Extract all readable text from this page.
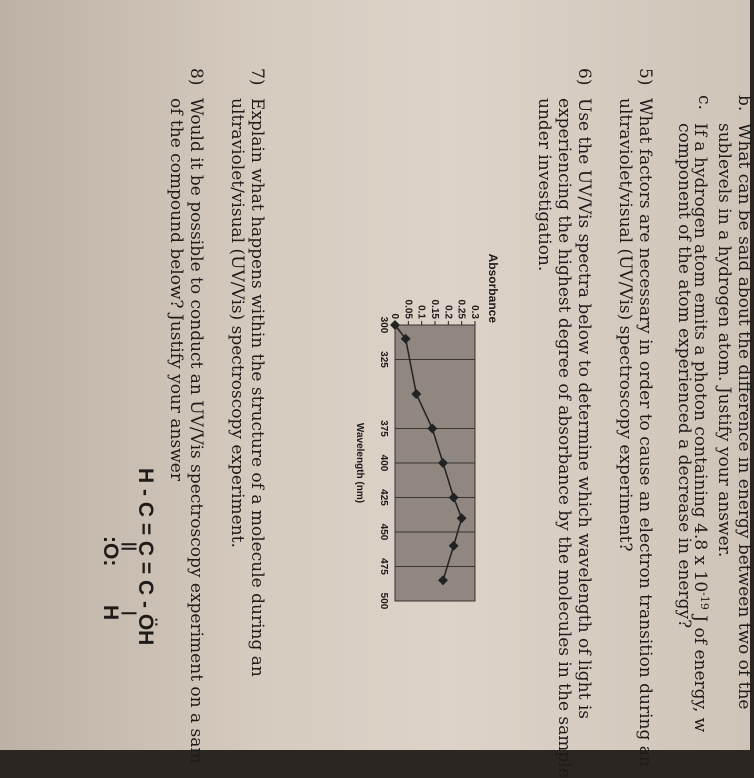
b.
What can be said about the difference in energy between two of the
sublevels in a hydrogen atom. Justify your answer.
c.
If a hydrogen atom emits a photon containing 4.8 x $10^{-19}$ J of energy, w
component of the atom experienced a decrease in energy?
5)
What factors are necessary in order to cause an electron transition during an
ultraviolet/visual (UV/Vis) spectroscopy experiment?
6)
Use the UV/Vis spectra below to determine which wavelength of light is
experiencing the highest degree of absorbance by the molecules in the sample
under investigation.
300
325
375
400
425
450
475
500
0 0.05 0.1 0.15 0.2 0.25 0.3 Absorbance
Wavelength (nm)
7)
Explain what happens within the structure of a molecule during an
ultraviolet/visual (UV/Vis) spectroscopy experiment.
8)
Would it be possible to conduct an UV/Vis spectroscopy experiment on a sam
of the compound below? Justify your answer
H - C = C = C - ÖH
||
:O:
|
H
